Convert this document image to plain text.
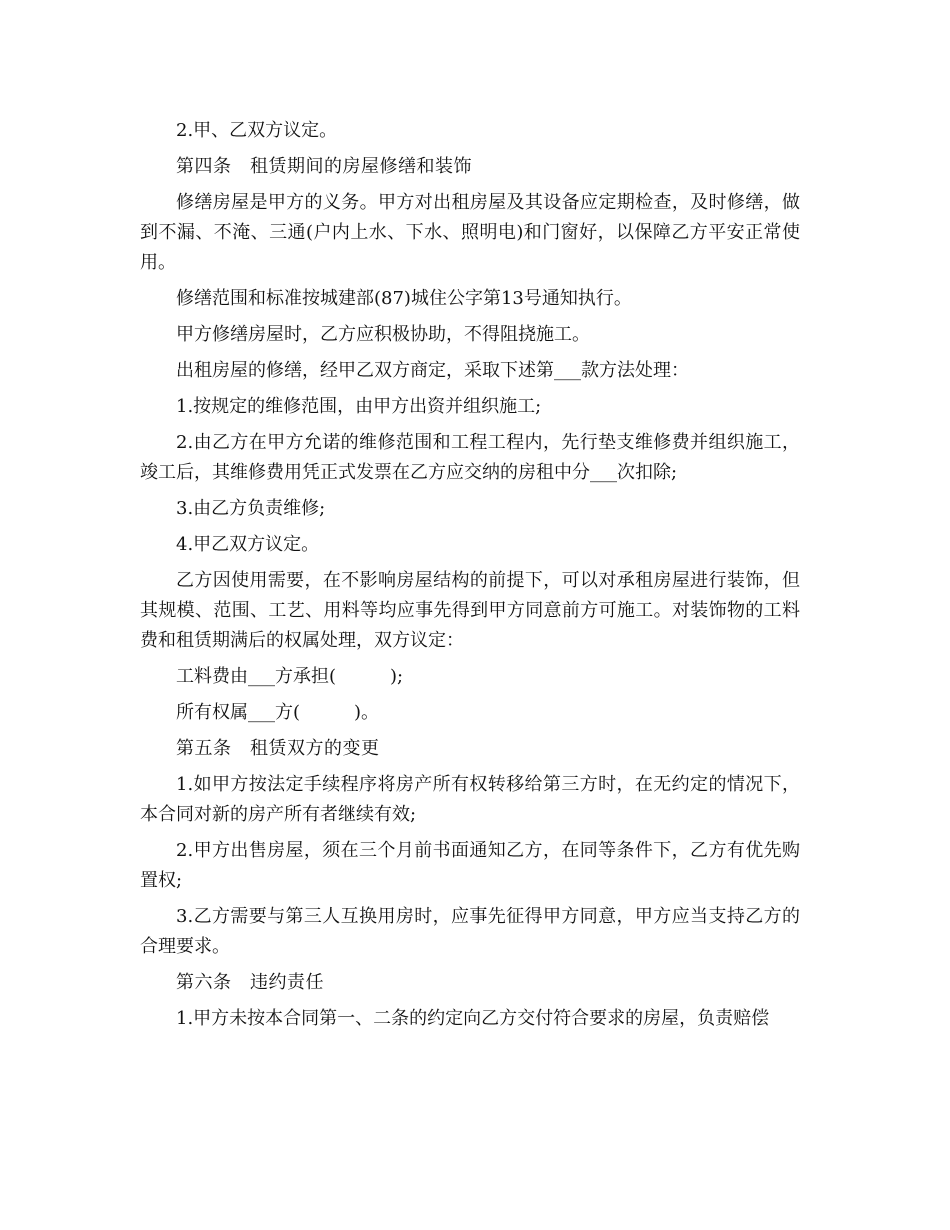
2.甲、乙双方议定。

第四条　租赁期间的房屋修缮和装饰

修缮房屋是甲方的义务。甲方对出租房屋及其设备应定期检查，及时修缮，做到不漏、不淹、三通(户内上水、下水、照明电)和门窗好，以保障乙方平安正常使用。

修缮范围和标准按城建部(87)城住公字第13号通知执行。

甲方修缮房屋时，乙方应积极协助，不得阻挠施工。

出租房屋的修缮，经甲乙双方商定，采取下述第___款方法处理：

1.按规定的维修范围，由甲方出资并组织施工;

2.由乙方在甲方允诺的维修范围和工程工程内，先行垫支维修费并组织施工，竣工后，其维修费用凭正式发票在乙方应交纳的房租中分___次扣除;

3.由乙方负责维修;

4.甲乙双方议定。

乙方因使用需要，在不影响房屋结构的前提下，可以对承租房屋进行装饰，但其规模、范围、工艺、用料等均应事先得到甲方同意前方可施工。对装饰物的工料费和租赁期满后的权属处理，双方议定：

工料费由___方承担(　　　);

所有权属___方(　　　)。

第五条　租赁双方的变更

1.如甲方按法定手续程序将房产所有权转移给第三方时，在无约定的情况下，本合同对新的房产所有者继续有效;

2.甲方出售房屋，须在三个月前书面通知乙方，在同等条件下，乙方有优先购置权;

3.乙方需要与第三人互换用房时，应事先征得甲方同意，甲方应当支持乙方的合理要求。

第六条　违约责任

1.甲方未按本合同第一、二条的约定向乙方交付符合要求的房屋，负责赔偿
